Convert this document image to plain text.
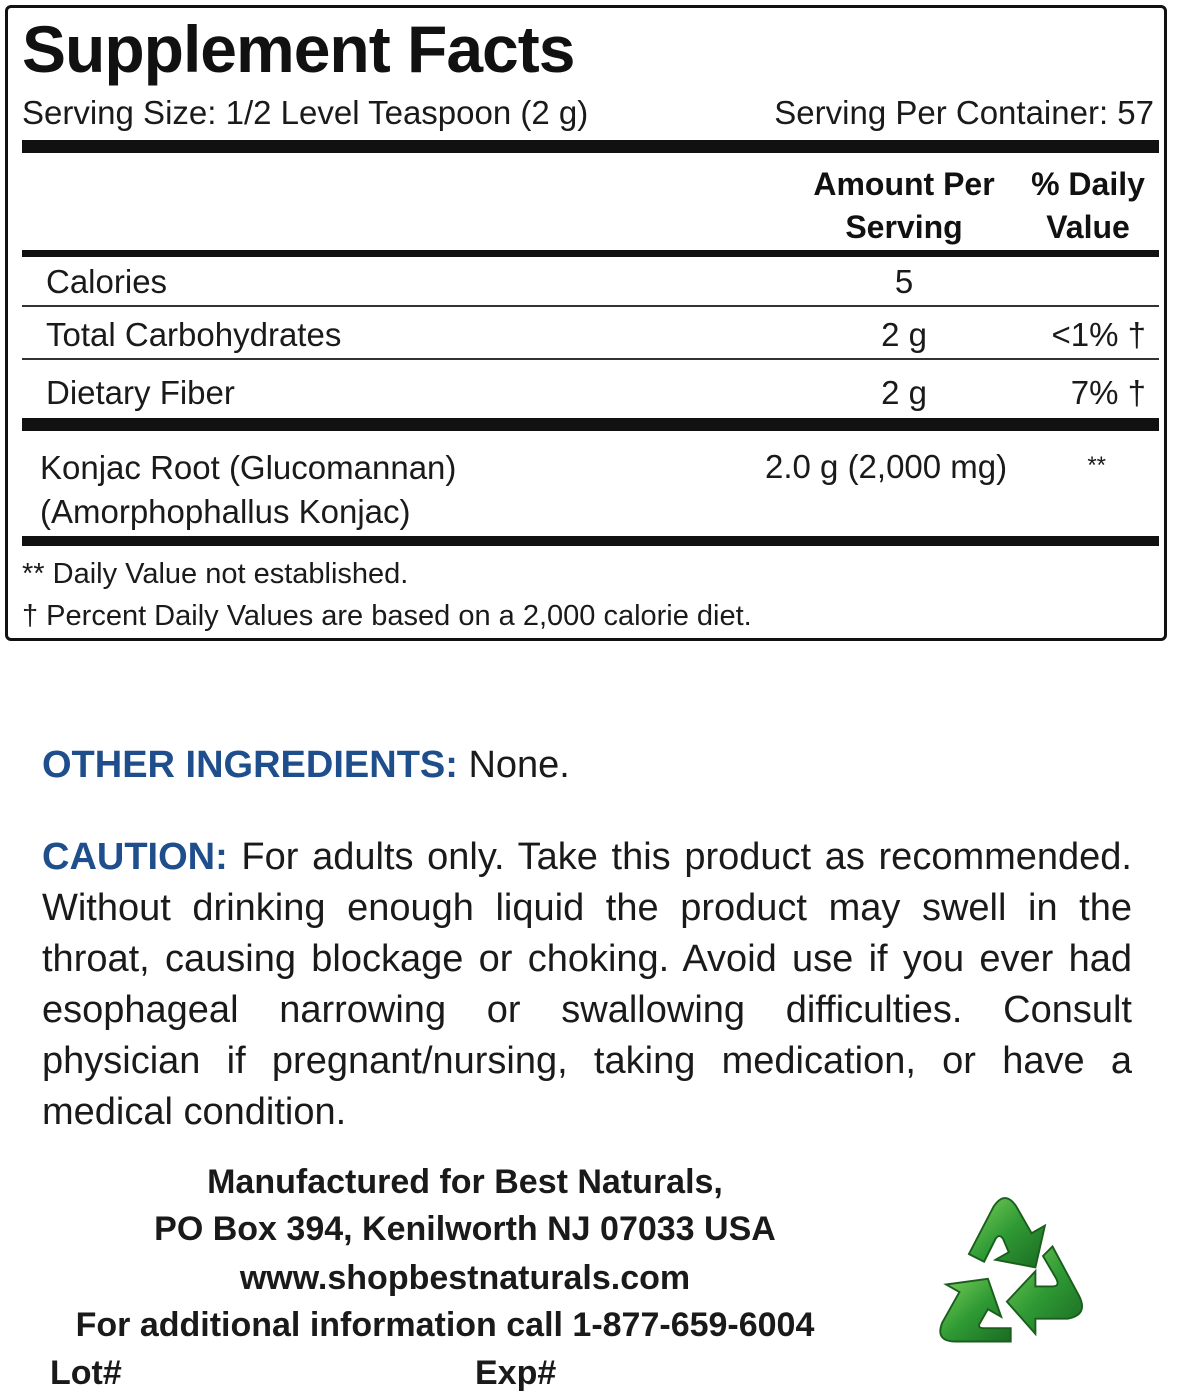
Supplement Facts
Serving Size: 1/2 Level Teaspoon (2 g)	Serving Per Container: 57
Amount Per
Serving
% Daily
Value
Calories	5
Total Carbohydrates	2 g	<1% †
Dietary Fiber	2 g	7% †
Konjac Root (Glucomannan)
(Amorphophallus Konjac)
2.0 g (2,000 mg)	**
** Daily Value not established.
† Percent Daily Values are based on a 2,000 calorie diet.
OTHER INGREDIENTS: None.
CAUTION: For adults only. Take this product as recommended. Without drinking enough liquid the product may swell in the throat, causing blockage or choking. Avoid use if you ever had esophageal narrowing or swallowing difficulties. Consult physician if pregnant/nursing, taking medication, or have a medical condition.
Manufactured for Best Naturals,
PO Box 394, Kenilworth NJ 07033 USA
www.shopbestnaturals.com
For additional information call 1-877-659-6004
Lot#	Exp#
